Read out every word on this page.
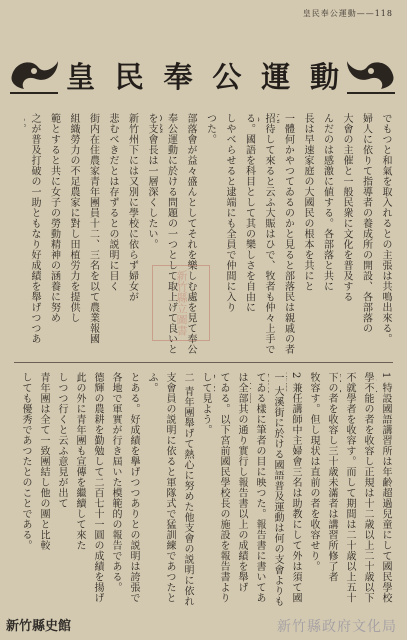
皇民奉公運動——118
皇 民 奉 公 運 動
でもつと和氣を取入れるとの主張は共鳴出來る。
婦人に依りて指導者の養成所の開設、各部落の
大會の主催と一般民衆に文化を普及する
んだのは感激に値する。各部落と共に
長は早速家庭の大國民の根本を共にと
一體何かやつてゐるのかと見ると部落民は親戚の者
招待して來ると云ふ大賑はひで、牧者も仲々上手で
る。國語を科目として其の樂しさを自由に
しやべらせると逮端にも全員で仲間に入り
つた。
部落會が益々盛んとしてそれを樂しむ處を見て奉公
奉公運動に於ける問題の一つとして取上げて良いと
を支會長は一層深くしたい。
新竹州下には又別に學校に依らず婦女が
悲むべきだとは存ずるとの説明に目く
街内在住農家青年團員十二、三名を以て農業報國
組織勞力の不足農家に對し田植労力を提供し
範とすると共に女子の勞動精神の涵養に努め
之が普及打破の一助ともなり好成績を舉げつつあ
1 特設國語講習所は年齢超過兒童にして國民學校
學不能の者を收容し正規は十二歳以上二十歳以下
不就學者を收容す。而して期間は二十歳以上五十
下の者を收容し三十歳未滿者は講習所修了者
牧容す。但し現状は直前の者を收容せり。
2 兼任講師中主婦會三名は助教にして外は須て國
一 大溪街に於ける國語普及運動は何の支會よりも
てゐる樣に筆者の目に映つた。報告書に書いてあ
は全部其の通り實行し報告書以上の成績を舉げ
てゐる。以下宮前國民學校長の施設を報告書より
して見よう。
二 青年團舉げて熱心に努めた他支會の説明に依れ
支會員の説明に依ると軍隊式で猛訓練であつたと
ふ。
とある。好成績を擧げつつありとの説明は誇張で
各地で軍實が行き屆いた模範的の報告である。
德輝の農耕を勤勉して二百七十一圓の成績を揚げ
此の外に青年團も宣傳を繼續して來た
しつつ行くと云ふ意見が出て
青年團は全て一致團結し他の團と比較
しても優秀であつたとのことである。
新竹縣立圖書
新竹縣史館	新竹縣政府文化局
